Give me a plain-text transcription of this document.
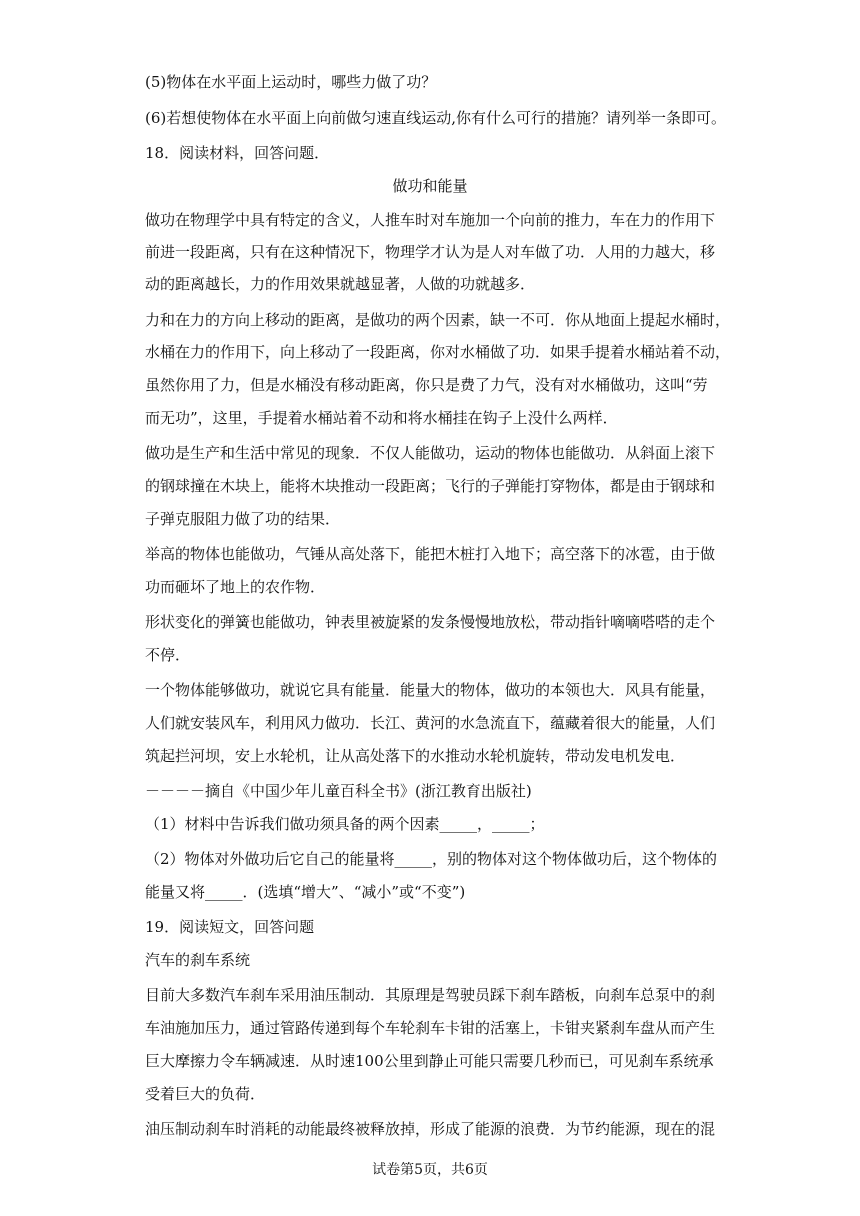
(5)物体在水平面上运动时，哪些力做了功？
(6)若想使物体在水平面上向前做匀速直线运动,你有什么可行的措施？请列举一条即可。
18．阅读材料，回答问题．
做功和能量
做功在物理学中具有特定的含义，人推车时对车施加一个向前的推力，车在力的作用下
前进一段距离，只有在这种情况下，物理学才认为是人对车做了功．人用的力越大，移
动的距离越长，力的作用效果就越显著，人做的功就越多．
力和在力的方向上移动的距离，是做功的两个因素，缺一不可．你从地面上提起水桶时，
水桶在力的作用下，向上移动了一段距离，你对水桶做了功．如果手提着水桶站着不动，
虽然你用了力，但是水桶没有移动距离，你只是费了力气，没有对水桶做功，这叫“劳
而无功”，这里，手提着水桶站着不动和将水桶挂在钩子上没什么两样．
做功是生产和生活中常见的现象．不仅人能做功，运动的物体也能做功．从斜面上滚下
的钢球撞在木块上，能将木块推动一段距离；飞行的子弹能打穿物体，都是由于钢球和
子弹克服阻力做了功的结果．
举高的物体也能做功，气锤从高处落下，能把木桩打入地下；高空落下的冰雹，由于做
功而砸坏了地上的农作物．
形状变化的弹簧也能做功，钟表里被旋紧的发条慢慢地放松，带动指针嘀嘀嗒嗒的走个
不停．
一个物体能够做功，就说它具有能量．能量大的物体，做功的本领也大．风具有能量，
人们就安装风车，利用风力做功．长江、黄河的水急流直下，蕴藏着很大的能量，人们
筑起拦河坝，安上水轮机，让从高处落下的水推动水轮机旋转，带动发电机发电．
－－－－摘自《中国少年儿童百科全书》(浙江教育出版社)
（1）材料中告诉我们做功须具备的两个因素_____，_____；
（2）物体对外做功后它自己的能量将_____，别的物体对这个物体做功后，这个物体的
能量又将_____．(选填“增大”、“减小”或“不变”)
19．阅读短文，回答问题
汽车的刹车系统
目前大多数汽车刹车采用油压制动．其原理是驾驶员踩下刹车踏板，向刹车总泵中的刹
车油施加压力，通过管路传递到每个车轮刹车卡钳的活塞上，卡钳夹紧刹车盘从而产生
巨大摩擦力令车辆减速．从时速100公里到静止可能只需要几秒而已，可见刹车系统承
受着巨大的负荷．
油压制动刹车时消耗的动能最终被释放掉，形成了能源的浪费．为节约能源，现在的混
试卷第5页，共6页
